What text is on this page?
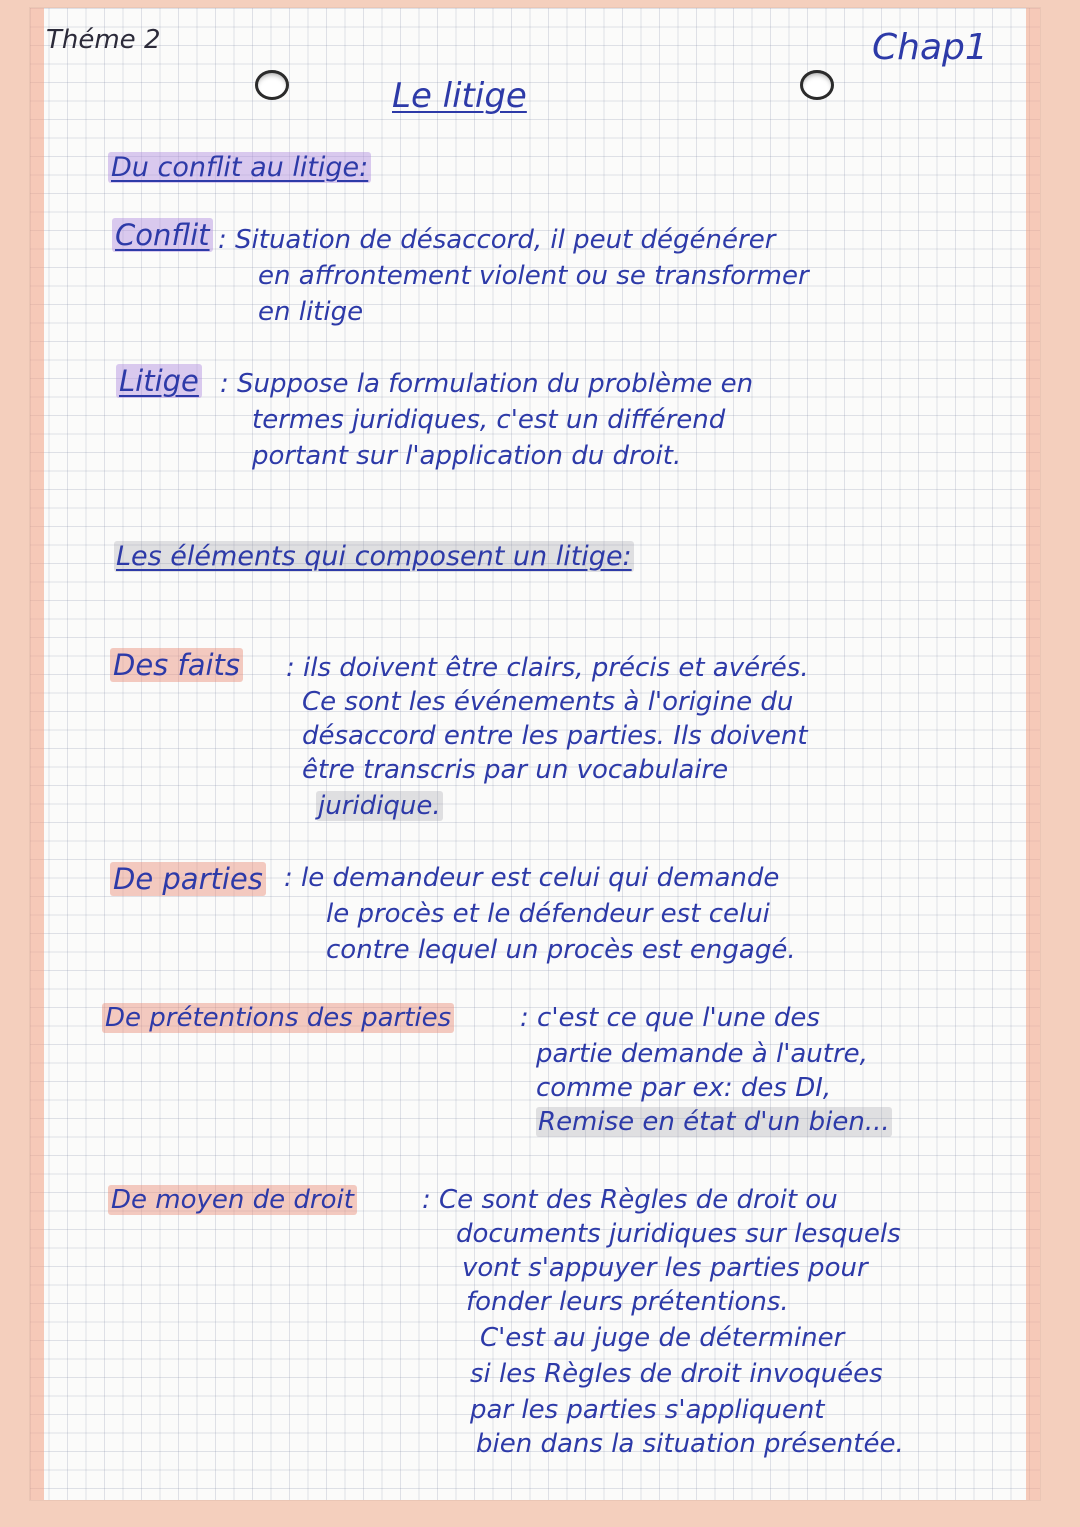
Théme 2	Chap1

Le litige

Du conflit au litige:

Conflit : Situation de désaccord, il peut dégénérer

en affrontement violent ou se transformer

en litige

Litige : Suppose la formulation du problème en

termes juridiques, c'est un différend

portant sur l'application du droit.

Les éléments qui composent un litige:

Des faits : ils doivent être clairs, précis et avérés.

Ce sont les événements à l'origine du

désaccord entre les parties. Ils doivent

être transcris par un vocabulaire

juridique.

De parties : le demandeur est celui qui demande

le procès et le défendeur est celui

contre lequel un procès est engagé.

De prétentions des parties	: c'est ce que l'une des

partie demande à l'autre,

comme par ex: des DI,

Remise en état d'un bien...

De moyen de droit	: Ce sont des Règles de droit ou

documents juridiques sur lesquels

vont s'appuyer les parties pour

fonder leurs prétentions.

C'est au juge de déterminer

si les Règles de droit invoquées

par les parties s'appliquent

bien dans la situation présentée.
